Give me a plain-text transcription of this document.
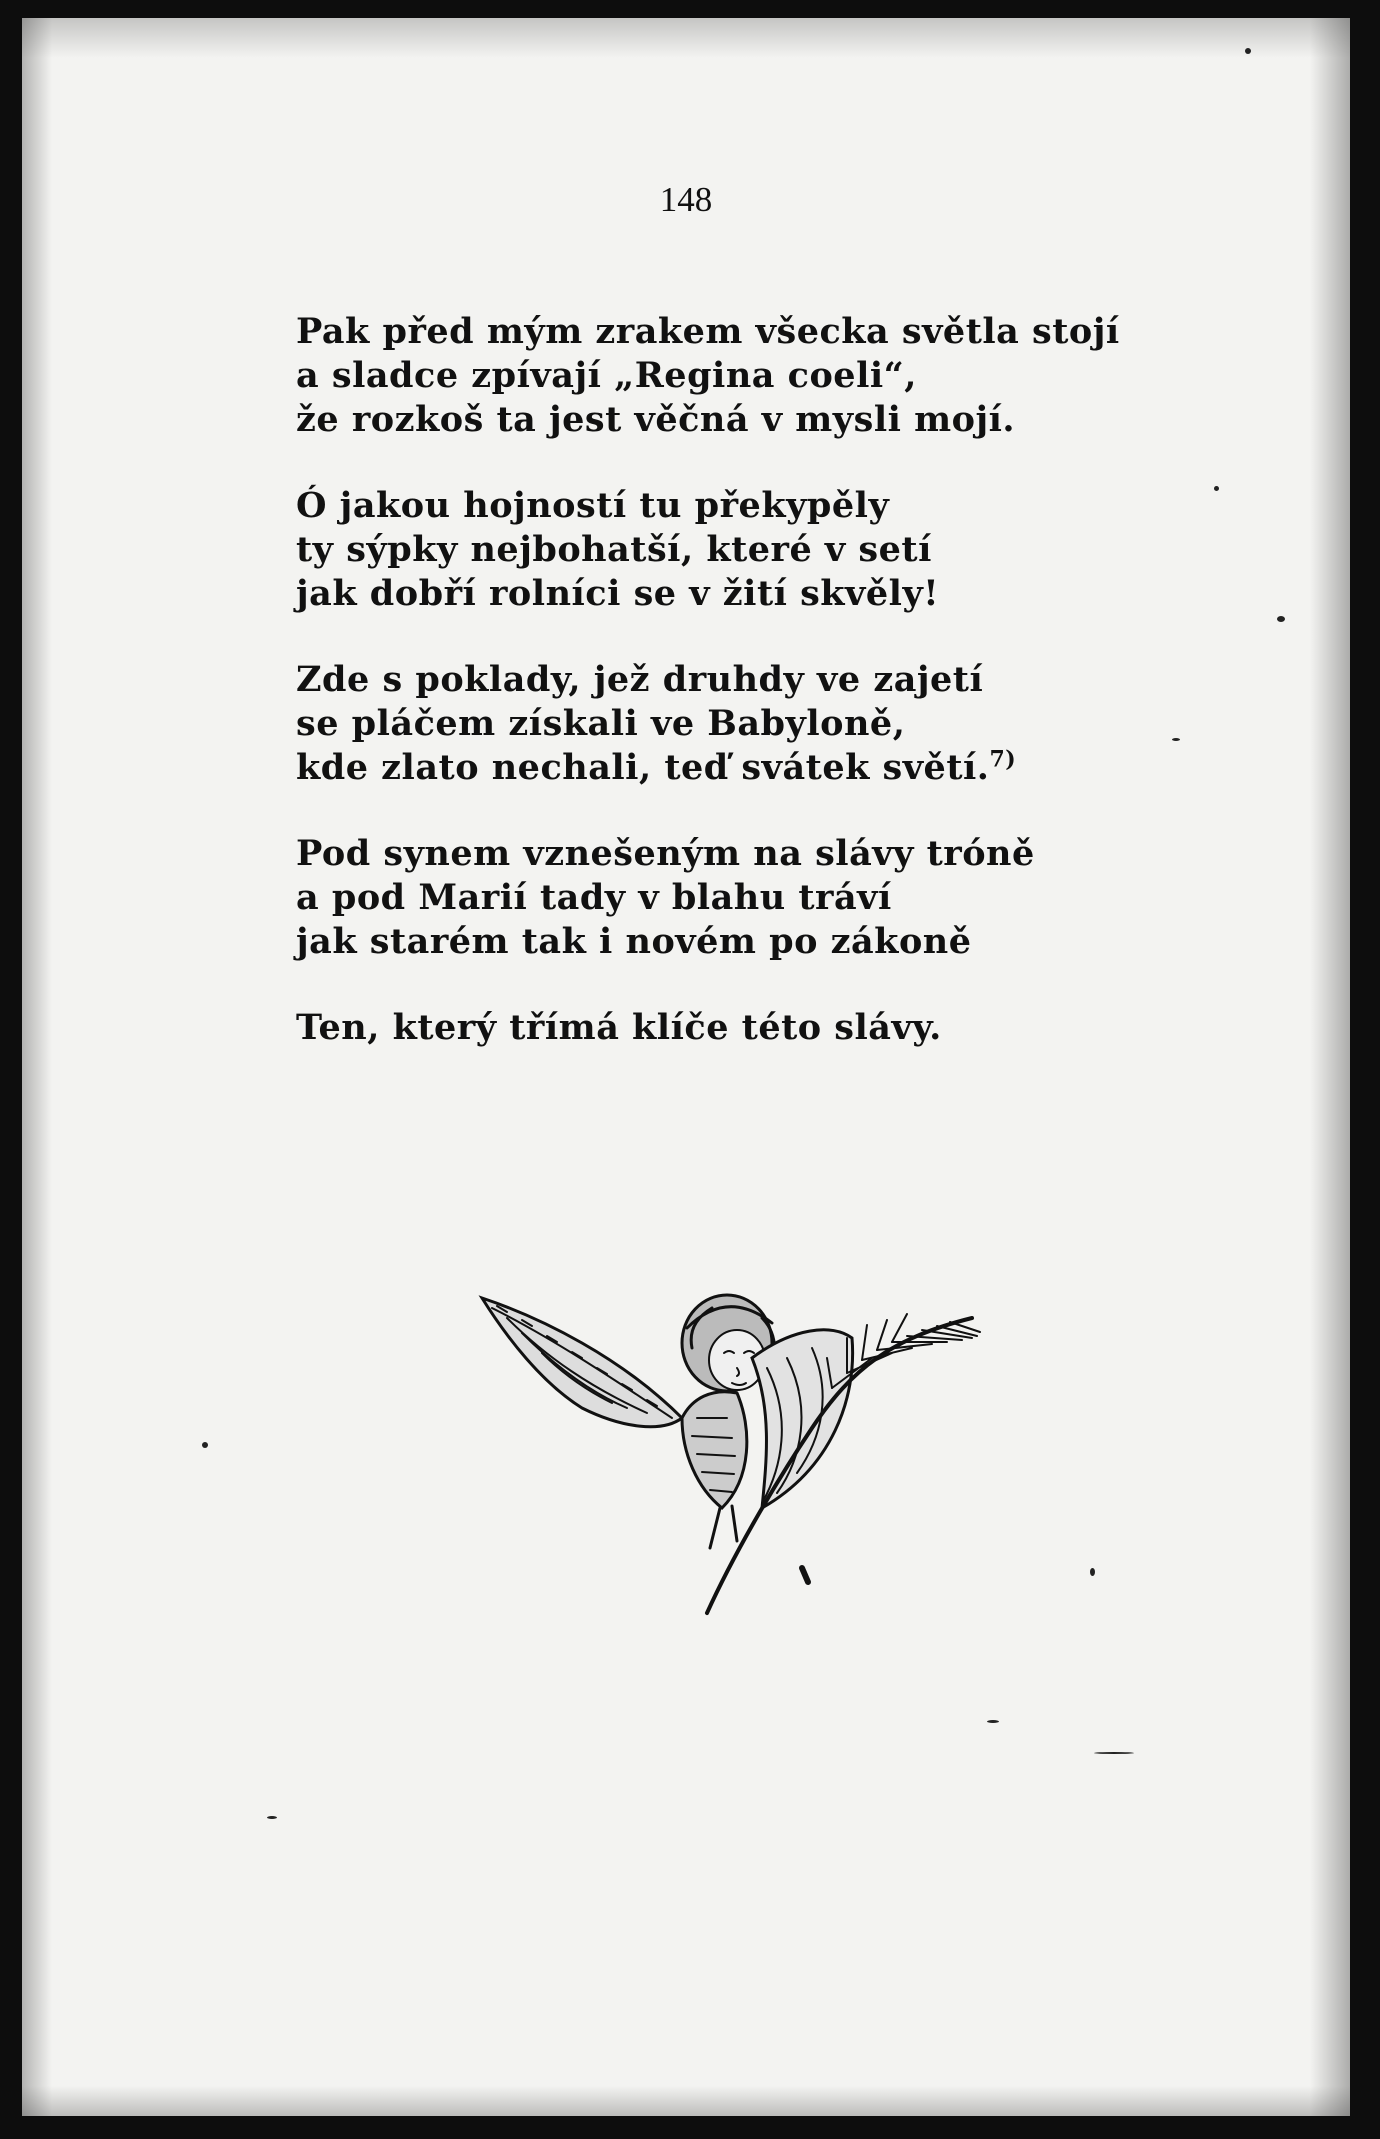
148
Pak před mým zrakem všecka světla stojí
a sladce zpívají „Regina coeli“,
že rozkoš ta jest věčná v mysli mojí.
Ó jakou hojností tu překypěly
ty sýpky nejbohatší, které v setí
jak dobří rolníci se v žití skvěly!
Zde s poklady, jež druhdy ve zajetí
se pláčem získali ve Babyloně,
kde zlato nechali, teď svátek světí.$^{7)}$
Pod synem vznešeným na slávy tróně
a pod Marií tady v blahu tráví
jak starém tak i novém po zákoně
Ten, který třímá klíče této slávy.
